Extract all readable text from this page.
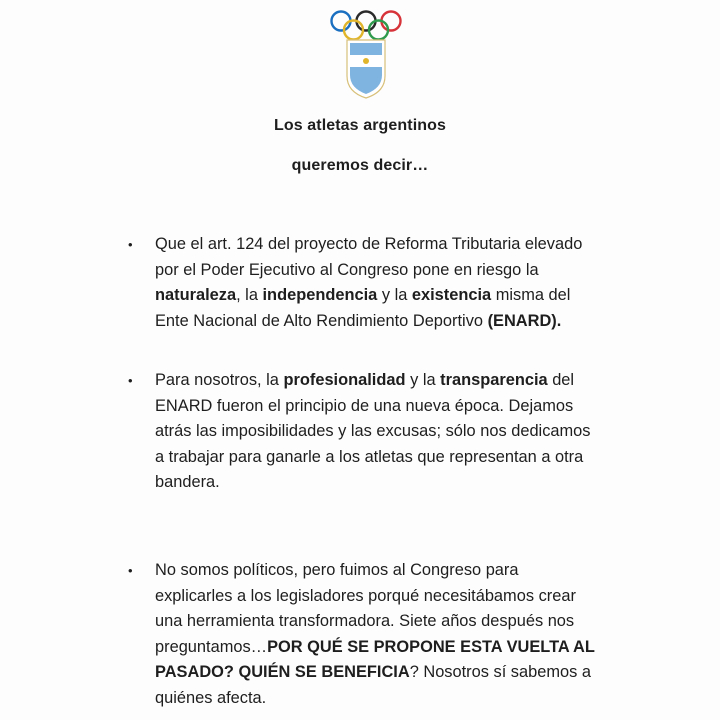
Los atletas argentinos
queremos decir…
• Que el art. 124 del proyecto de Reforma Tributaria elevado
por el Poder Ejecutivo al Congreso pone en riesgo la
naturaleza, la independencia y la existencia misma del
Ente Nacional de Alto Rendimiento Deportivo (ENARD).
• Para nosotros, la profesionalidad y la transparencia del
ENARD fueron el principio de una nueva época. Dejamos
atrás las imposibilidades y las excusas; sólo nos dedicamos
a trabajar para ganarle a los atletas que representan a otra
bandera.
• No somos políticos, pero fuimos al Congreso para
explicarles a los legisladores porqué necesitábamos crear
una herramienta transformadora. Siete años después nos
preguntamos…POR QUÉ SE PROPONE ESTA VUELTA AL
PASADO? QUIÉN SE BENEFICIA? Nosotros sí sabemos a
quiénes afecta.
